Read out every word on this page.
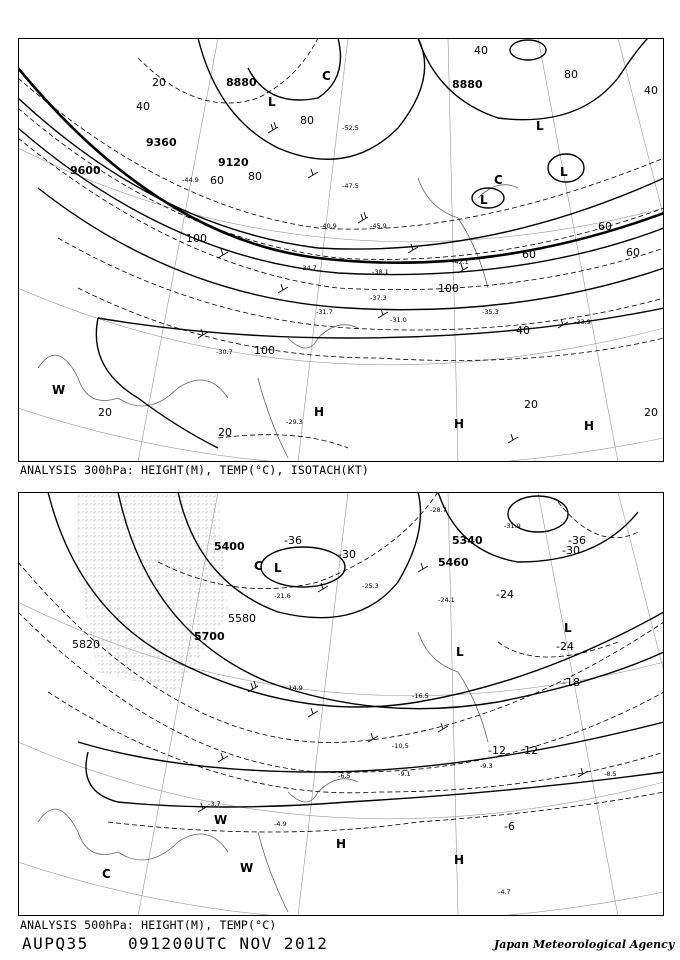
8880	8880
9360
9600
9120
20
40
60 80
100
100
80
60
40
20
40
20
20
60
80
100
20
40
60
L
L
L
L
C
C
H
H	H
W
-52.5
-47.5
-44.9
-38.1
-37.3
-35.3
-31.7
-30.7
-31.0
-29.3
-42.1
-33.9
-45.9
-40.9
-34.7
ANALYSIS 300hPa: HEIGHT(M), TEMP(°C), ISOTACH(KT)
5400
5700
5820
5580
5460
5340
-36
-30	-30
-24
-24
-18
-12 12
-6
-36
L
L
L
C
C
H
H
W
W
-24.1
-25.3
-16.5
-14.9
-9.3
-8.5
-9.1
-10.5
-6.5
-4.9
-3.7
-4.7
-28.7
-31.9
-21.6
ANALYSIS 500hPa: HEIGHT(M), TEMP(°C)
AUPQ35 091200UTC NOV 2012	Japan Meteorological Agency
